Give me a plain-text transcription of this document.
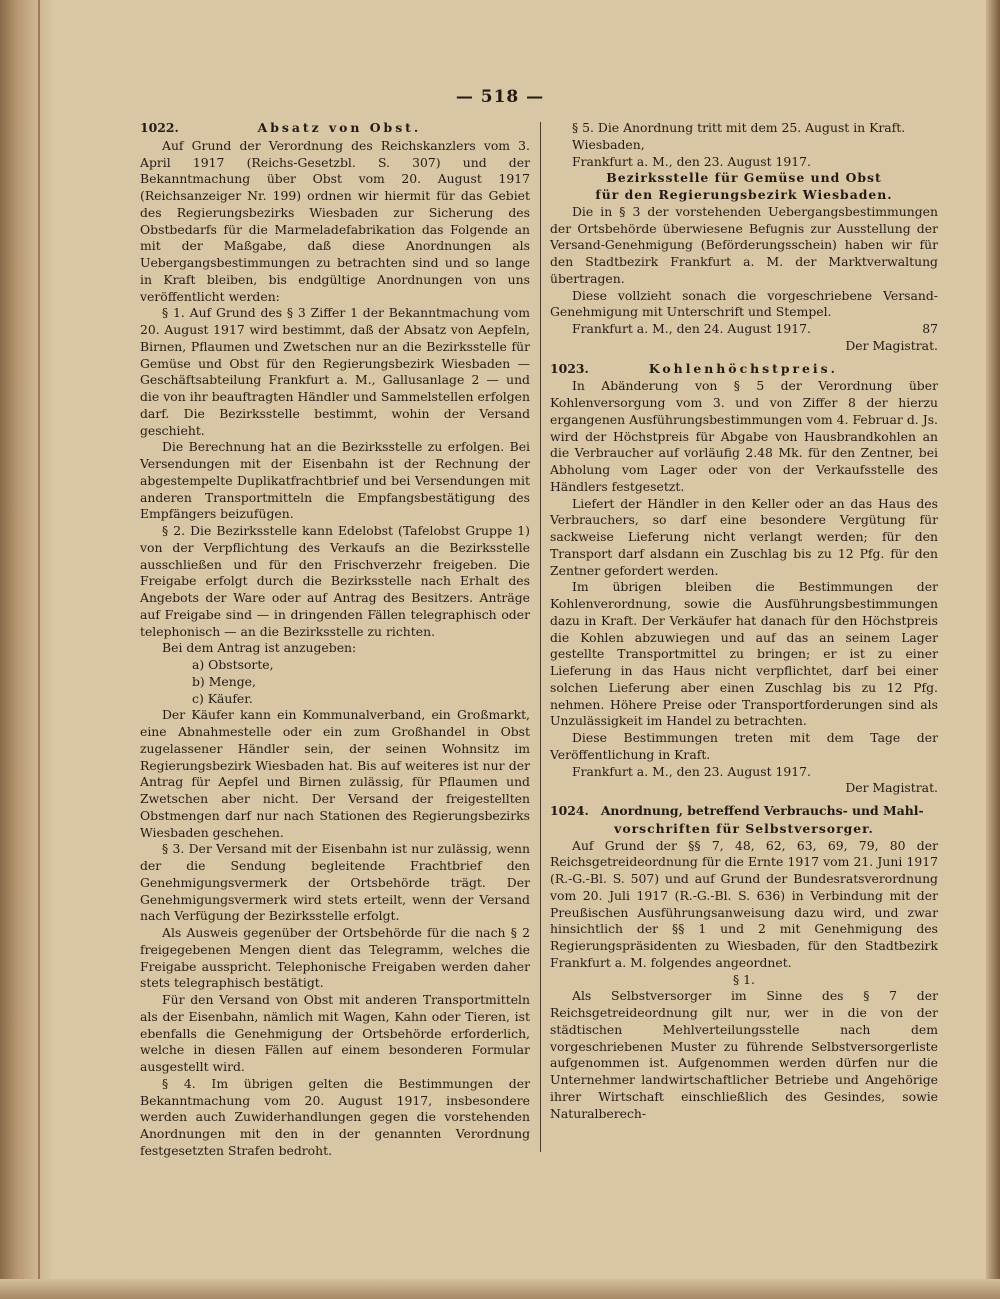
— 518 —
1022.	Absatz von Obst.

Auf Grund der Verordnung des Reichskanzlers vom 3. April 1917 (Reichs-Gesetzbl. S. 307) und der Bekanntmachung über Obst vom 20. August 1917 (Reichsanzeiger Nr. 199) ordnen wir hiermit für das Gebiet des Regierungsbezirks Wiesbaden zur Sicherung des Obstbedarfs für die Marmeladefabrikation das Folgende an mit der Maßgabe, daß diese Anordnungen als Uebergangsbestimmungen zu betrachten sind und so lange in Kraft bleiben, bis endgültige Anordnungen von uns veröffentlicht werden:

§ 1. Auf Grund des § 3 Ziffer 1 der Bekanntmachung vom 20. August 1917 wird bestimmt, daß der Absatz von Aepfeln, Birnen, Pflaumen und Zwetschen nur an die Bezirksstelle für Gemüse und Obst für den Regierungsbezirk Wiesbaden — Geschäftsabteilung Frankfurt a. M., Gallusanlage 2 — und die von ihr beauftragten Händler und Sammelstellen erfolgen darf. Die Bezirksstelle bestimmt, wohin der Versand geschieht.

Die Berechnung hat an die Bezirksstelle zu erfolgen. Bei Versendungen mit der Eisenbahn ist der Rechnung der abgestempelte Duplikatfrachtbrief und bei Versendungen mit anderen Transportmitteln die Empfangsbestätigung des Empfängers beizufügen.

§ 2. Die Bezirksstelle kann Edelobst (Tafelobst Gruppe 1) von der Verpflichtung des Verkaufs an die Bezirksstelle ausschließen und für den Frischverzehr freigeben. Die Freigabe erfolgt durch die Bezirksstelle nach Erhalt des Angebots der Ware oder auf Antrag des Besitzers. Anträge auf Freigabe sind — in dringenden Fällen telegraphisch oder telephonisch — an die Bezirksstelle zu richten.

Bei dem Antrag ist anzugeben:

a) Obstsorte,

b) Menge,

c) Käufer.

Der Käufer kann ein Kommunalverband, ein Großmarkt, eine Abnahmestelle oder ein zum Großhandel in Obst zugelassener Händler sein, der seinen Wohnsitz im Regierungsbezirk Wiesbaden hat. Bis auf weiteres ist nur der Antrag für Aepfel und Birnen zulässig, für Pflaumen und Zwetschen aber nicht. Der Versand der freigestellten Obstmengen darf nur nach Stationen des Regierungsbezirks Wiesbaden geschehen.

§ 3. Der Versand mit der Eisenbahn ist nur zulässig, wenn der die Sendung begleitende Frachtbrief den Genehmigungsvermerk der Ortsbehörde trägt. Der Genehmigungsvermerk wird stets erteilt, wenn der Versand nach Verfügung der Bezirksstelle erfolgt.

Als Ausweis gegenüber der Ortsbehörde für die nach § 2 freigegebenen Mengen dient das Telegramm, welches die Freigabe ausspricht. Telephonische Freigaben werden daher stets telegraphisch bestätigt.

Für den Versand von Obst mit anderen Transportmitteln als der Eisenbahn, nämlich mit Wagen, Kahn oder Tieren, ist ebenfalls die Genehmigung der Ortsbehörde erforderlich, welche in diesen Fällen auf einem besonderen Formular ausgestellt wird.

§ 4. Im übrigen gelten die Bestimmungen der Bekanntmachung vom 20. August 1917, insbesondere werden auch Zuwiderhandlungen gegen die vorstehenden Anordnungen mit den in der genannten Verordnung festgesetzten Strafen bedroht.

§ 5. Die Anordnung tritt mit dem 25. August in Kraft.

Wiesbaden,

Frankfurt a. M., den 23. August 1917.

Bezirksstelle für Gemüse und Obst

für den Regierungsbezirk Wiesbaden.

Die in § 3 der vorstehenden Uebergangsbestimmungen der Ortsbehörde überwiesene Befugnis zur Ausstellung der Versand-Genehmigung (Beförderungsschein) haben wir für den Stadtbezirk Frankfurt a. M. der Marktverwaltung übertragen.

Diese vollzieht sonach die vorgeschriebene Versand-Genehmigung mit Unterschrift und Stempel.

Frankfurt a. M., den 24. August 1917.	87

Der Magistrat.

1023.	Kohlenhöchstpreis.

In Abänderung von § 5 der Verordnung über Kohlenversorgung vom 3. und von Ziffer 8 der hierzu ergangenen Ausführungsbestimmungen vom 4. Februar d. Js. wird der Höchstpreis für Abgabe von Hausbrandkohlen an die Verbraucher auf vorläufig 2.48 Mk. für den Zentner, bei Abholung vom Lager oder von der Verkaufsstelle des Händlers festgesetzt.

Liefert der Händler in den Keller oder an das Haus des Verbrauchers, so darf eine besondere Vergütung für sackweise Lieferung nicht verlangt werden; für den Transport darf alsdann ein Zuschlag bis zu 12 Pfg. für den Zentner gefordert werden.

Im übrigen bleiben die Bestimmungen der Kohlenverordnung, sowie die Ausführungsbestimmungen dazu in Kraft. Der Verkäufer hat danach für den Höchstpreis die Kohlen abzuwiegen und auf das an seinem Lager gestellte Transportmittel zu bringen; er ist zu einer Lieferung in das Haus nicht verpflichtet, darf bei einer solchen Lieferung aber einen Zuschlag bis zu 12 Pfg. nehmen. Höhere Preise oder Transportforderungen sind als Unzulässigkeit im Handel zu betrachten.

Diese Bestimmungen treten mit dem Tage der Veröffentlichung in Kraft.

Frankfurt a. M., den 23. August 1917.

Der Magistrat.

1024. Anordnung, betreffend Verbrauchs- und Mahl-

vorschriften für Selbstversorger.

Auf Grund der §§ 7, 48, 62, 63, 69, 79, 80 der Reichsgetreideordnung für die Ernte 1917 vom 21. Juni 1917 (R.-G.-Bl. S. 507) und auf Grund der Bundesratsverordnung vom 20. Juli 1917 (R.-G.-Bl. S. 636) in Verbindung mit der Preußischen Ausführungsanweisung dazu wird, und zwar hinsichtlich der §§ 1 und 2 mit Genehmigung des Regierungspräsidenten zu Wiesbaden, für den Stadtbezirk Frankfurt a. M. folgendes angeordnet.

§ 1.

Als Selbstversorger im Sinne des § 7 der Reichsgetreideordnung gilt nur, wer in die von der städtischen Mehlverteilungsstelle nach dem vorgeschriebenen Muster zu führende Selbstversorgerliste aufgenommen ist. Aufgenommen werden dürfen nur die Unternehmer landwirtschaftlicher Betriebe und Angehörige ihrer Wirtschaft einschließlich des Gesindes, sowie Naturalberech-
